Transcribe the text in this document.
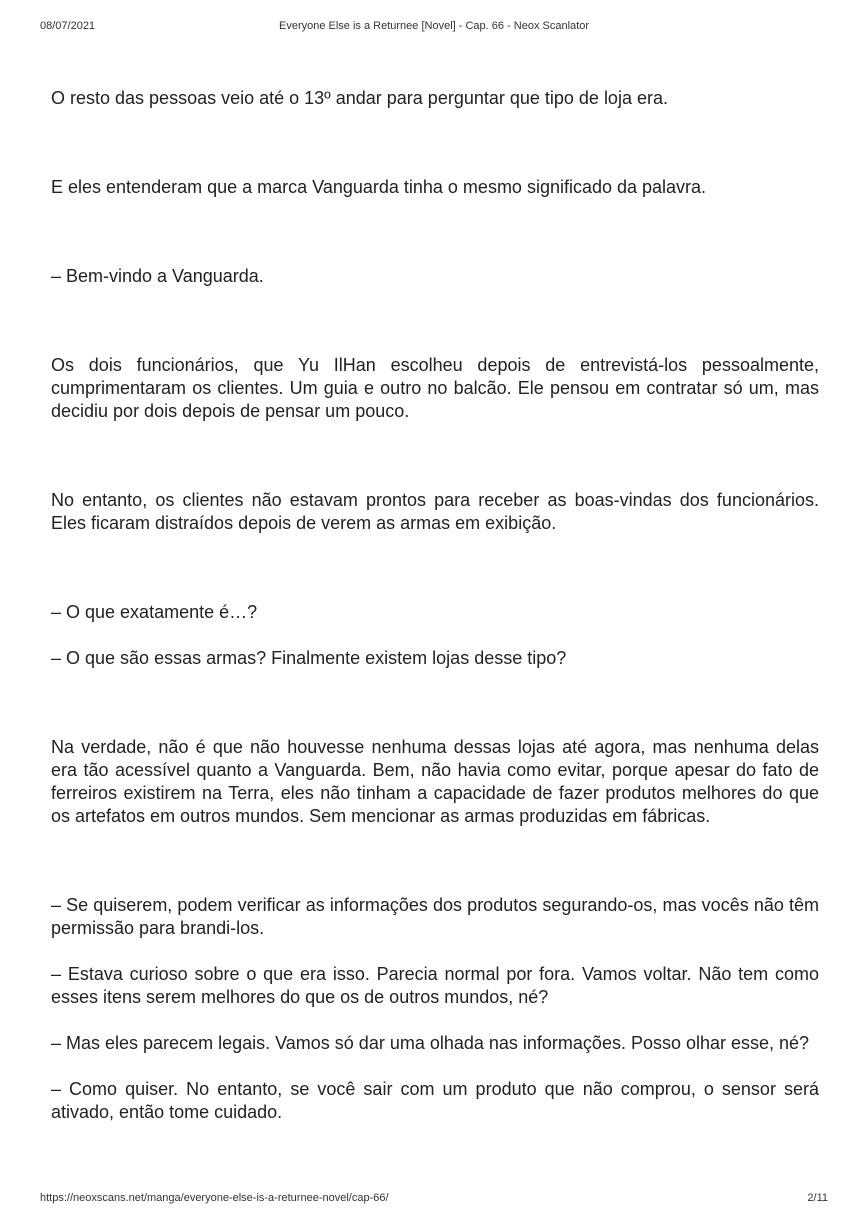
08/07/2021	Everyone Else is a Returnee [Novel] - Cap. 66 - Neox Scanlator

O resto das pessoas veio até o 13º andar para perguntar que tipo de loja era.

E eles entenderam que a marca Vanguarda tinha o mesmo significado da palavra.

– Bem-vindo a Vanguarda.

Os dois funcionários, que Yu IlHan escolheu depois de entrevistá-los pessoalmente, cumprimentaram os clientes. Um guia e outro no balcão. Ele pensou em contratar só um, mas decidiu por dois depois de pensar um pouco.

No entanto, os clientes não estavam prontos para receber as boas-vindas dos funcionários. Eles ficaram distraídos depois de verem as armas em exibição.

– O que exatamente é…?

– O que são essas armas? Finalmente existem lojas desse tipo?

Na verdade, não é que não houvesse nenhuma dessas lojas até agora, mas nenhuma delas era tão acessível quanto a Vanguarda. Bem, não havia como evitar, porque apesar do fato de ferreiros existirem na Terra, eles não tinham a capacidade de fazer produtos melhores do que os artefatos em outros mundos. Sem mencionar as armas produzidas em fábricas.

– Se quiserem, podem verificar as informações dos produtos segurando-os, mas vocês não têm permissão para brandi-los.

– Estava curioso sobre o que era isso. Parecia normal por fora. Vamos voltar. Não tem como esses itens serem melhores do que os de outros mundos, né?

– Mas eles parecem legais. Vamos só dar uma olhada nas informações. Posso olhar esse, né?

– Como quiser. No entanto, se você sair com um produto que não comprou, o sensor será ativado, então tome cuidado.

https://neoxscans.net/manga/everyone-else-is-a-returnee-novel/cap-66/	2/11
